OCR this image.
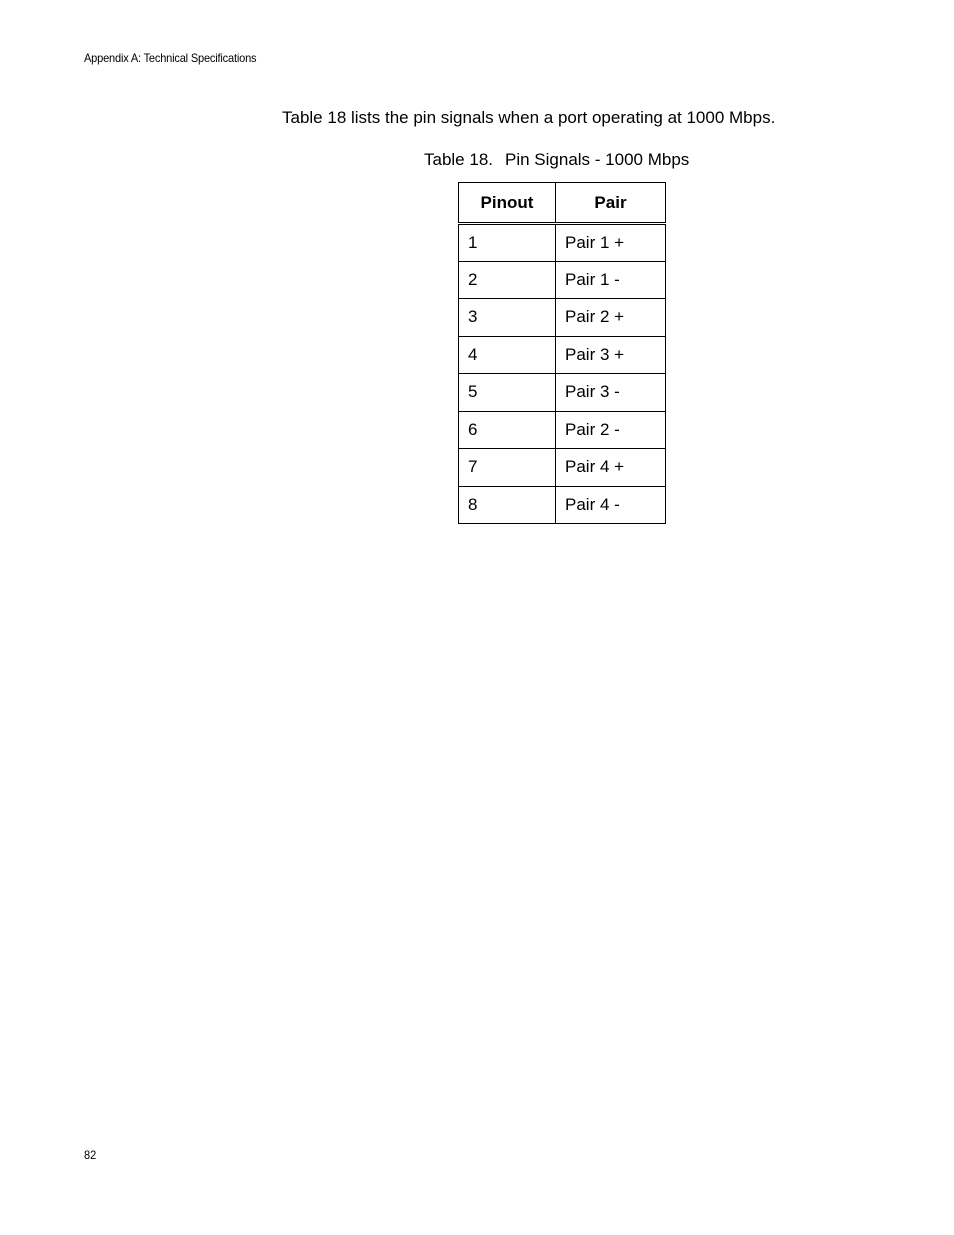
Appendix A: Technical Specifications

Table 18 lists the pin signals when a port operating at 1000 Mbps.

Table 18. Pin Signals - 1000 Mbps
Pinout	Pair
1	Pair 1 +
2	Pair 1 -
3	Pair 2 +
4	Pair 3 +
5	Pair 3 -
6	Pair 2 -
7	Pair 4 +
8	Pair 4 -
82
